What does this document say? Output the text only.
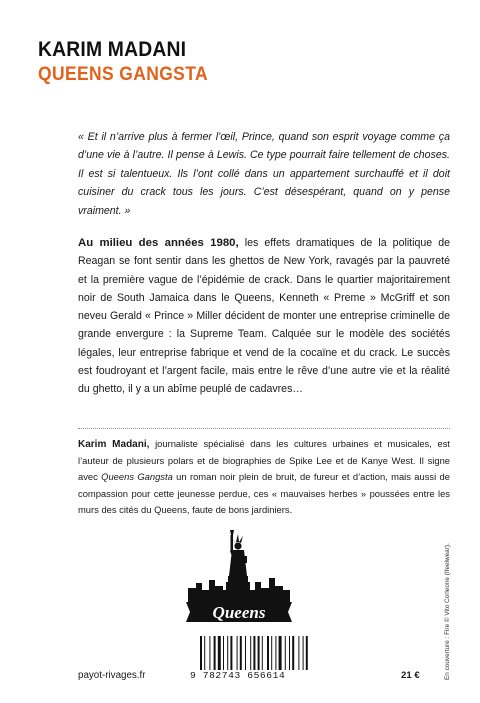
KARIM MADANI
QUEENS GANGSTA
« Et il n’arrive plus à fermer l’œil, Prince, quand son esprit voyage comme ça d’une vie à l’autre. Il pense à Lewis. Ce type pourrait faire tellement de choses. Il est si talentueux. Ils l’ont collé dans un appartement surchauffé et il doit cuisiner du crack tous les jours. C’est désespérant, quand on y pense vraiment. »
Au milieu des années 1980, les effets dramatiques de la politique de Reagan se font sentir dans les ghettos de New York, ravagés par la pauvreté et la première vague de l’épidémie de crack. Dans le quartier majoritairement noir de South Jamaica dans le Queens, Kenneth « Preme » McGriff et son neveu Gerald « Prince » Miller décident de monter une entreprise criminelle de grande envergure : la Supreme Team. Calquée sur le modèle des sociétés légales, leur entreprise fabrique et vend de la cocaïne et du crack. Le succès est foudroyant et l’argent facile, mais entre le rêve d’une autre vie et la réalité du ghetto, il y a un abîme peuplé de cadavres…
Karim Madani, journaliste spécialisé dans les cultures urbaines et musicales, est l’auteur de plusieurs polars et de biographies de Spike Lee et de Kanye West. Il signe avec Queens Gangsta un roman noir plein de bruit, de fureur et d’action, mais aussi de compassion pour cette jeunesse perdue, ces « mauvaises herbes » poussées entre les murs des cités du Queens, faute de bons jardiniers.
Queens
9 782743 656614
payot-rivages.fr	21 €	En couverture : Fire © Vito Corleone (Ifeelwear).
